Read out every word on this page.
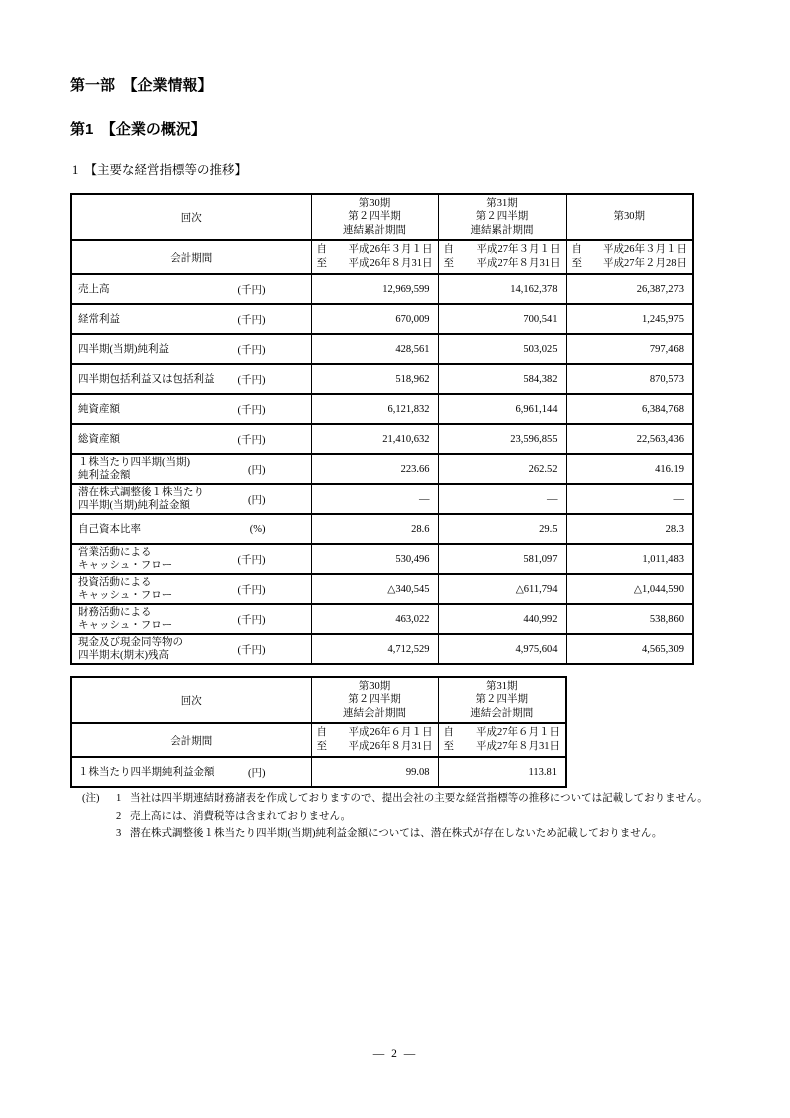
第一部　【企業情報】
第1　【企業の概況】
1　【主要な経営指標等の推移】
回次	第30期
第２四半期
連結累計期間	第31期
第２四半期
連結累計期間	第30期

会計期間	
自 平成26年３月１日
至 平成26年８月31日

自 平成27年３月１日
至 平成27年８月31日

自 平成26年３月１日
至 平成27年２月28日

売上高 (千円)	12,969,599	14,162,378	26,387,273

経常利益 (千円)	670,009	700,541	1,245,975

四半期(当期)純利益 (千円)	428,561	503,025	797,468

四半期包括利益又は包括利益 (千円)	518,962	584,382	870,573

純資産額 (千円)	6,121,832	6,961,144	6,384,768

総資産額 (千円)	21,410,632	23,596,855	22,563,436

１株当たり四半期(当期)
純利益金額 (円)	223.66	262.52	416.19

潜在株式調整後１株当たり
四半期(当期)純利益金額 (円)	―	―	―

自己資本比率 (%)	28.6	29.5	28.3

営業活動による
キャッシュ・フロー (千円)	530,496	581,097	1,011,483

投資活動による
キャッシュ・フロー (千円)	△340,545	△611,794	△1,044,590

財務活動による
キャッシュ・フロー (千円)	463,022	440,992	538,860

現金及び現金同等物の
四半期末(期末)残高 (千円)	4,712,529	4,975,604	4,565,309
回次	第30期
第２四半期
連結会計期間	第31期
第２四半期
連結会計期間

会計期間	
自 平成26年６月１日
至 平成26年８月31日

自 平成27年６月１日
至 平成27年８月31日

１株当たり四半期純利益金額 (円)	99.08	113.81
(注)	1 当社は四半期連結財務諸表を作成しておりますので、提出会社の主要な経営指標等の推移については記載しておりません。
2 売上高には、消費税等は含まれておりません。
3 潜在株式調整後１株当たり四半期(当期)純利益金額については、潜在株式が存在しないため記載しておりません。
― 2 ―
